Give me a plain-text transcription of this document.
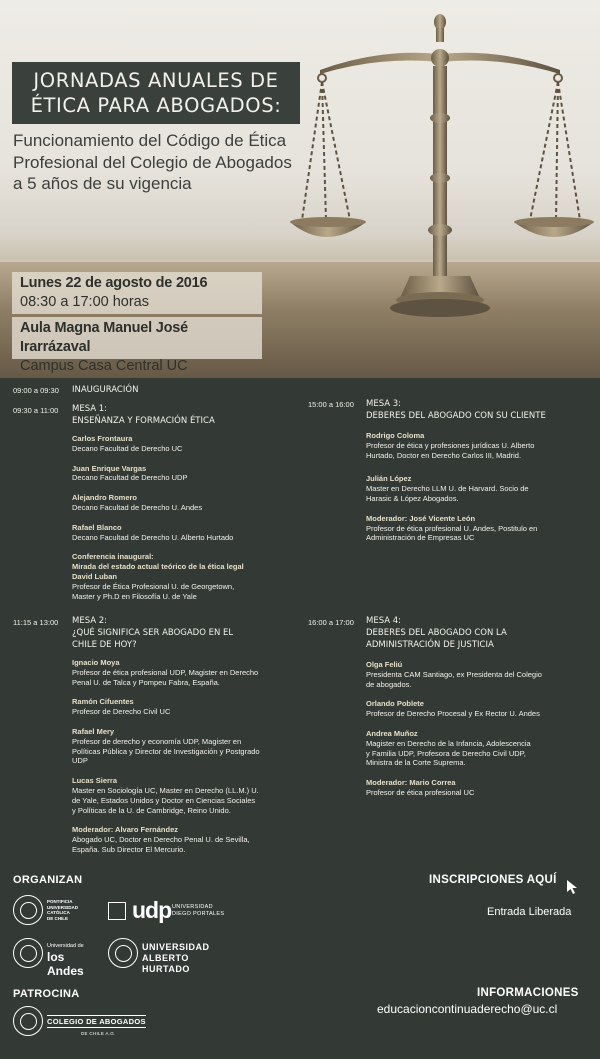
JORNADAS ANUALES DE
ÉTICA PARA ABOGADOS:
Funcionamiento del Código de Ética
Profesional del Colegio de Abogados
a 5 años de su vigencia
Lunes 22 de agosto de 2016
08:30 a 17:00 horas
Aula Magna Manuel José Irarrázaval
Campus Casa Central UC
09:00 a 09:30 INAUGURACIÓN
09:30 a 11:00 MESA 1:
ENSEÑANZA Y FORMACIÓN ÉTICA
Carlos Frontaura
Decano Facultad de Derecho UC
Juan Enrique Vargas
Decano Facultad de Derecho UDP
Alejandro Romero
Decano Facultad de Derecho U. Andes
Rafael Blanco
Decano Facultad de Derecho U. Alberto Hurtado
Conferencia inaugural:
Mirada del estado actual teórico de la ética legal
David Luban
Profesor de Ética Profesional U. de Georgetown,
Master y Ph.D en Filosofía U. de Yale
11:15 a 13:00 MESA 2:
¿QUÉ SIGNIFICA SER ABOGADO EN EL
CHILE DE HOY?
Ignacio Moya
Profesor de ética profesional UDP, Magister en Derecho
Penal U. de Talca y Pompeu Fabra, España.
Ramón Cifuentes
Profesor de Derecho Civil UC
Rafael Mery
Profesor de derecho y economía UDP, Magister en
Políticas Pública y Director de Investigación y Postgrado
UDP
Lucas Sierra
Master en Sociología UC, Master en Derecho (LL.M.) U.
de Yale, Estados Unidos y Doctor en Ciencias Sociales
y Políticas de la U. de Cambridge, Reino Unido.
Moderador: Alvaro Fernández
Abogado UC, Doctor en Derecho Penal U. de Sevilla,
España. Sub Director El Mercurio.
15:00 a 16:00 MESA 3:
DEBERES DEL ABOGADO CON SU CLIENTE
Rodrigo Coloma
Profesor de ética y profesiones jurídicas U. Alberto
Hurtado, Doctor en Derecho Carlos III, Madrid.
Julián López
Master en Derecho LLM U. de Harvard. Socio de
Harasic & López Abogados.
Moderador: José Vicente León
Profesor de ética profesional U. Andes, Postitulo en
Administración de Empresas UC
16:00 a 17:00 MESA 4:
DEBERES DEL ABOGADO CON LA
ADMINISTRACIÓN DE JUSTICIA
Olga Feliú
Presidenta CAM Santiago, ex Presidenta del Colegio
de abogados.
Orlando Poblete
Profesor de Derecho Procesal y Ex Rector U. Andes
Andrea Muñoz
Magister en Derecho de la Infancia, Adolescencia
y Familia UDP, Profesora de Derecho Civil UDP,
Ministra de la Corte Suprema.
Moderador: Mario Correa
Profesor de ética profesional UC
ORGANIZAN
PONTIFICIA
UNIVERSIDAD
CATÓLICA
DE CHILE	udp UNIVERSIDAD
DIEGO PORTALES
Universidad de
los Andes
UNIVERSIDAD
ALBERTO HURTADO
PATROCINA
COLEGIO DE ABOGADOS
DE CHILE A.G.
INSCRIPCIONES AQUÍ
Entrada Liberada
INFORMACIONES
educacioncontinuaderecho@uc.cl
